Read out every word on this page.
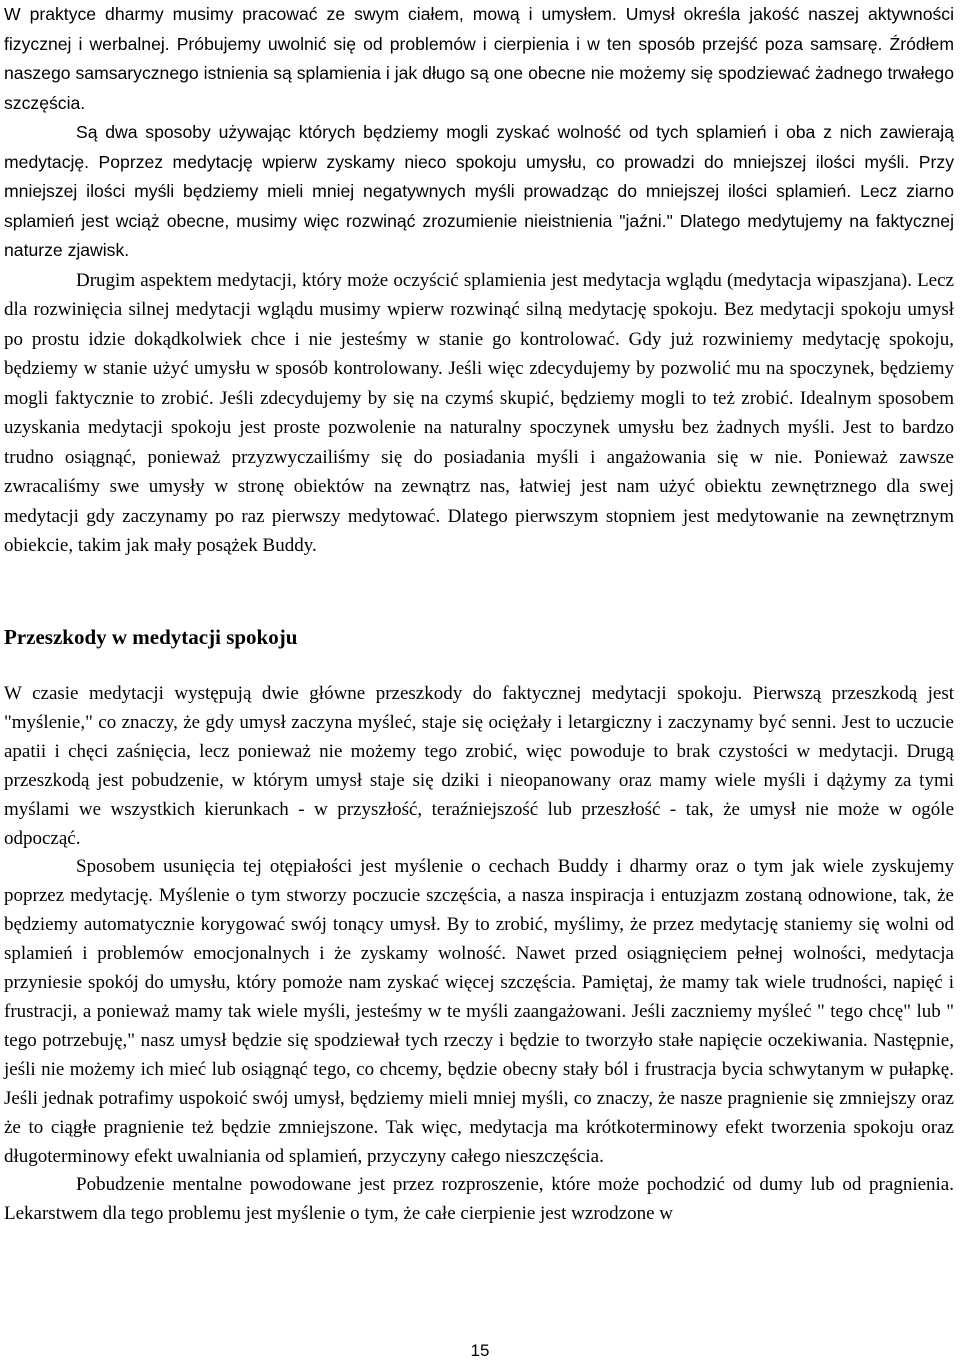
W praktyce dharmy musimy pracować ze swym ciałem, mową i umysłem. Umysł określa jakość naszej aktywności fizycznej i werbalnej. Próbujemy uwolnić się od problemów i cierpienia i w ten sposób przejść poza samsarę. Źródłem naszego samsarycznego istnienia są splamienia i jak długo są one obecne nie możemy się spodziewać żadnego trwałego szczęścia.

Są dwa sposoby używając których będziemy mogli zyskać wolność od tych splamień i oba z nich zawierają medytację. Poprzez medytację wpierw zyskamy nieco spokoju umysłu, co prowadzi do mniejszej ilości myśli. Przy mniejszej ilości myśli będziemy mieli mniej negatywnych myśli prowadząc do mniejszej ilości splamień. Lecz ziarno splamień jest wciąż obecne, musimy więc rozwinąć zrozumienie nieistnienia "jaźni." Dlatego medytujemy na faktycznej naturze zjawisk.

Drugim aspektem medytacji, który może oczyścić splamienia jest medytacja wglądu (medytacja wipaszjana). Lecz dla rozwinięcia silnej medytacji wglądu musimy wpierw rozwinąć silną medytację spokoju. Bez medytacji spokoju umysł po prostu idzie dokądkolwiek chce i nie jesteśmy w stanie go kontrolować. Gdy już rozwiniemy medytację spokoju, będziemy w stanie użyć umysłu w sposób kontrolowany. Jeśli więc zdecydujemy by pozwolić mu na spoczynek, będziemy mogli faktycznie to zrobić. Jeśli zdecydujemy by się na czymś skupić, będziemy mogli to też zrobić. Idealnym sposobem uzyskania medytacji spokoju jest proste pozwolenie na naturalny spoczynek umysłu bez żadnych myśli. Jest to bardzo trudno osiągnąć, ponieważ przyzwyczailiśmy się do posiadania myśli i angażowania się w nie. Ponieważ zawsze zwracaliśmy swe umysły w stronę obiektów na zewnątrz nas, łatwiej jest nam użyć obiektu zewnętrznego dla swej medytacji gdy zaczynamy po raz pierwszy medytować. Dlatego pierwszym stopniem jest medytowanie na zewnętrznym obiekcie, takim jak mały posążek Buddy.

Przeszkody w medytacji spokoju

W czasie medytacji występują dwie główne przeszkody do faktycznej medytacji spokoju. Pierwszą przeszkodą jest "myślenie," co znaczy, że gdy umysł zaczyna myśleć, staje się ociężały i letargiczny i zaczynamy być senni. Jest to uczucie apatii i chęci zaśnięcia, lecz ponieważ nie możemy tego zrobić, więc powoduje to brak czystości w medytacji. Drugą przeszkodą jest pobudzenie, w którym umysł staje się dziki i nieopanowany oraz mamy wiele myśli i dążymy za tymi myślami we wszystkich kierunkach - w przyszłość, teraźniejszość lub przeszłość - tak, że umysł nie może w ogóle odpocząć.

Sposobem usunięcia tej otępiałości jest myślenie o cechach Buddy i dharmy oraz o tym jak wiele zyskujemy poprzez medytację. Myślenie o tym stworzy poczucie szczęścia, a nasza inspiracja i entuzjazm zostaną odnowione, tak, że będziemy automatycznie korygować swój tonący umysł. By to zrobić, myślimy, że przez medytację staniemy się wolni od splamień i problemów emocjonalnych i że zyskamy wolność. Nawet przed osiągnięciem pełnej wolności, medytacja przyniesie spokój do umysłu, który pomoże nam zyskać więcej szczęścia. Pamiętaj, że mamy tak wiele trudności, napięć i frustracji, a ponieważ mamy tak wiele myśli, jesteśmy w te myśli zaangażowani. Jeśli zaczniemy myśleć " tego chcę" lub " tego potrzebuję," nasz umysł będzie się spodziewał tych rzeczy i będzie to tworzyło stałe napięcie oczekiwania. Następnie, jeśli nie możemy ich mieć lub osiągnąć tego, co chcemy, będzie obecny stały ból i frustracja bycia schwytanym w pułapkę. Jeśli jednak potrafimy uspokoić swój umysł, będziemy mieli mniej myśli, co znaczy, że nasze pragnienie się zmniejszy oraz że to ciągłe pragnienie też będzie zmniejszone. Tak więc, medytacja ma krótkoterminowy efekt tworzenia spokoju oraz długoterminowy efekt uwalniania od splamień, przyczyny całego nieszczęścia.

Pobudzenie mentalne powodowane jest przez rozproszenie, które może pochodzić od dumy lub od pragnienia. Lekarstwem dla tego problemu jest myślenie o tym, że całe cierpienie jest wzrodzone w

15
